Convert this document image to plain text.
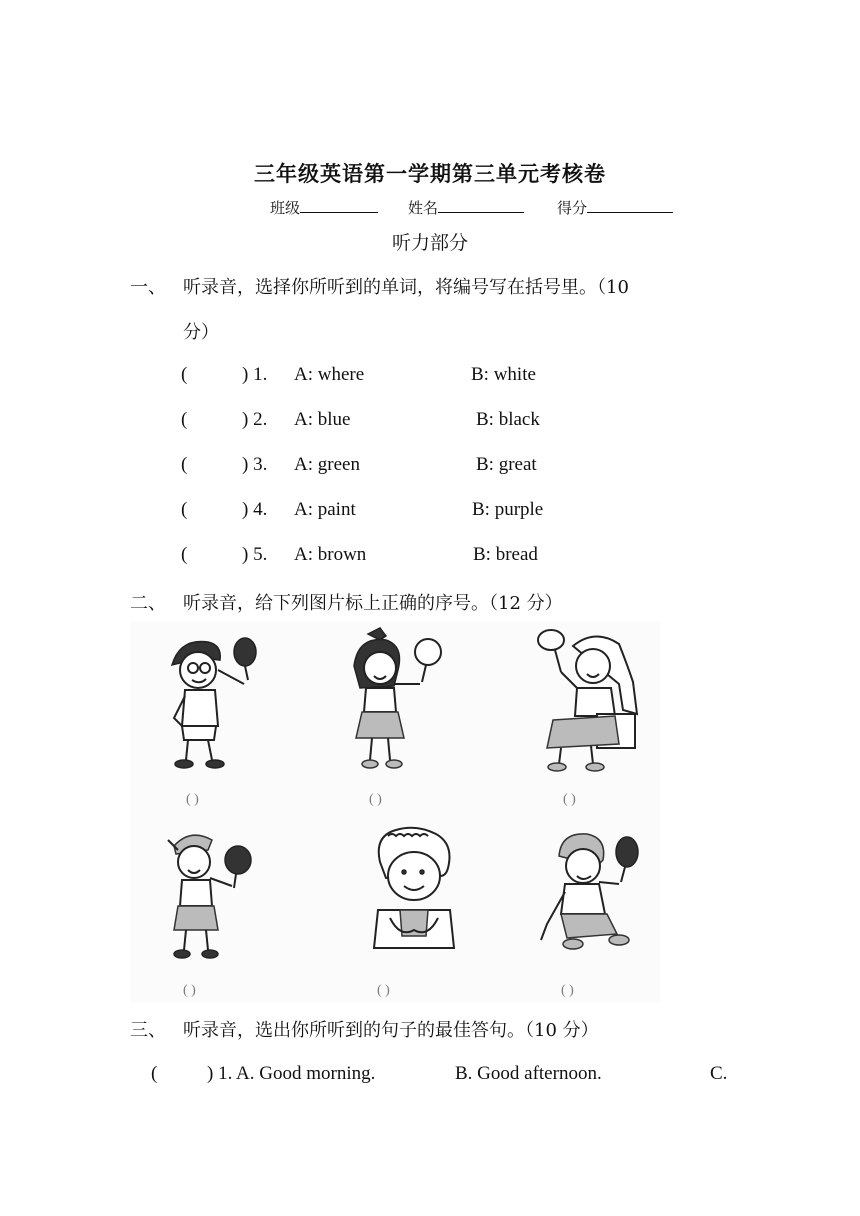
三年级英语第一学期第三单元考核卷
班级	姓名	得分
听力部分
一、 听录音，选择你所听到的单词，将编号写在括号里。（10
分）
(	) 1. A: where	B: white
(	) 2. A: blue	B: black
(	) 3. A: green	B: great
(	) 4. A: paint	B: purple
(	) 5. A: brown	B: bread
二、 听录音，给下列图片标上正确的序号。（12 分）
( )	( )	( )
( )	( )	( )
三、 听录音，选出你所听到的句子的最佳答句。（10 分）
(	) 1. A. Good morning.	B. Good afternoon.	C.
